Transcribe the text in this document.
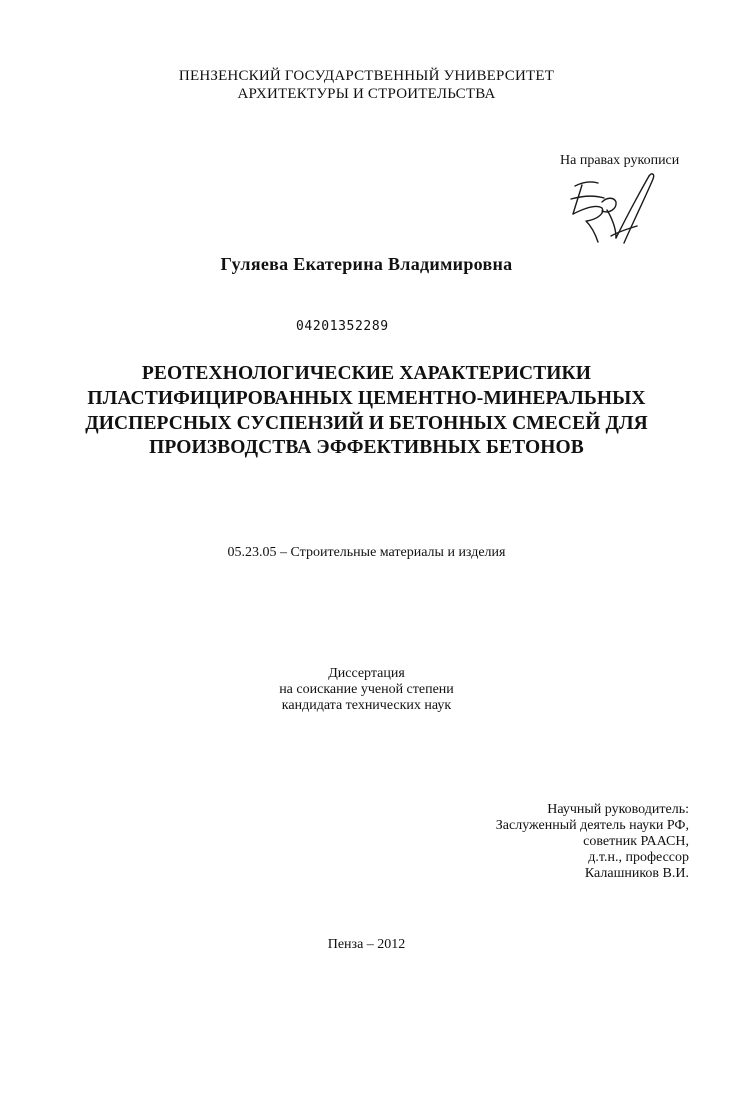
ПЕНЗЕНСКИЙ ГОСУДАРСТВЕННЫЙ УНИВЕРСИТЕТ
АРХИТЕКТУРЫ И СТРОИТЕЛЬСТВА
На правах рукописи
Гуляева Екатерина Владимировна
04201352289
РЕОТЕХНОЛОГИЧЕСКИЕ ХАРАКТЕРИСТИКИ
ПЛАСТИФИЦИРОВАННЫХ ЦЕМЕНТНО-МИНЕРАЛЬНЫХ
ДИСПЕРСНЫХ СУСПЕНЗИЙ И БЕТОННЫХ СМЕСЕЙ ДЛЯ
ПРОИЗВОДСТВА ЭФФЕКТИВНЫХ БЕТОНОВ
05.23.05 – Строительные материалы и изделия
Диссертация
на соискание ученой степени
кандидата технических наук
Научный руководитель:
Заслуженный деятель науки РФ,
советник РААСН,
д.т.н., профессор
Калашников В.И.
Пенза – 2012
